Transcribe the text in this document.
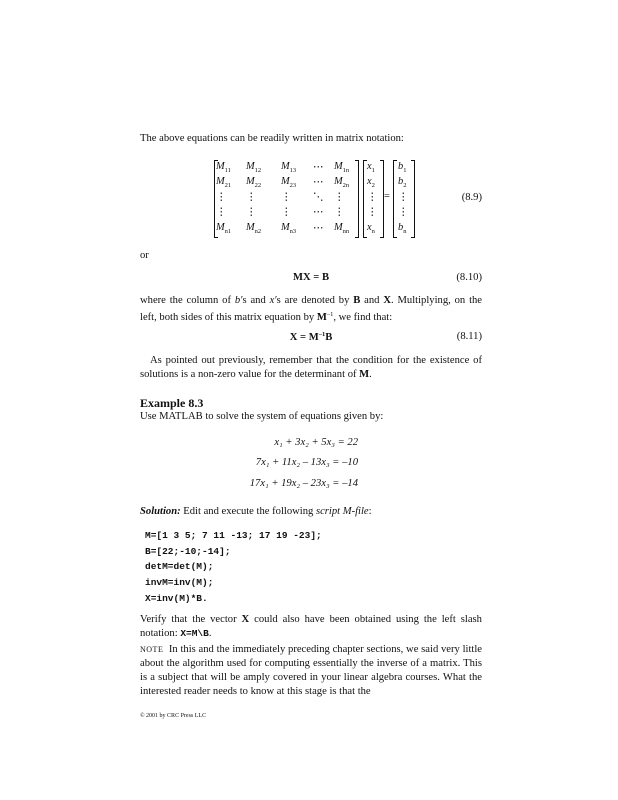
The above equations can be readily written in matrix notation:
$M_{11}$ $M_{12}$ $M_{13}$ ⋯ $M_{1n}$
$M_{21}$ $M_{22}$ $M_{23}$ ⋯ $M_{2n}$
⋮ ⋮ ⋮ ⋱ ⋮
⋮ ⋮ ⋮ ⋯ ⋮
$M_{n1}$ $M_{n2}$ $M_{n3}$ ⋯ $M_{nn}$
$x_1$
$x_2$
⋮
⋮
$x_n$
$b_1$
$b_2$
⋮
⋮
$b_n$
=	(8.9)
or
MX = B	(8.10)
where the column of b′s and x′s are denoted by B and X. Multiplying, on the left, both sides of this matrix equation by $M^{-1}$, we find that:
$X = M^{-1}B$	(8.11)
As pointed out previously, remember that the condition for the existence of solutions is a non-zero value for the determinant of M.
Example 8.3
Use MATLAB to solve the system of equations given by:
x₁ + 3x₂ + 5x₃ = 22
7x₁ + 11x₂ – 13x₃ = –10
17x₁ + 19x₂ – 23x₃ = –14
Solution: Edit and execute the following script M-file:
M=[1 3 5; 7 11 -13; 17 19 -23];
B=[22;-10;-14];
detM=det(M);
invM=inv(M);
X=inv(M)*B.
Verify that the vector X could also have been obtained using the left slash notation: X=M\B.
NOTE In this and the immediately preceding chapter sections, we said very little about the algorithm used for computing essentially the inverse of a matrix. This is a subject that will be amply covered in your linear algebra courses. What the interested reader needs to know at this stage is that the
© 2001 by CRC Press LLC
